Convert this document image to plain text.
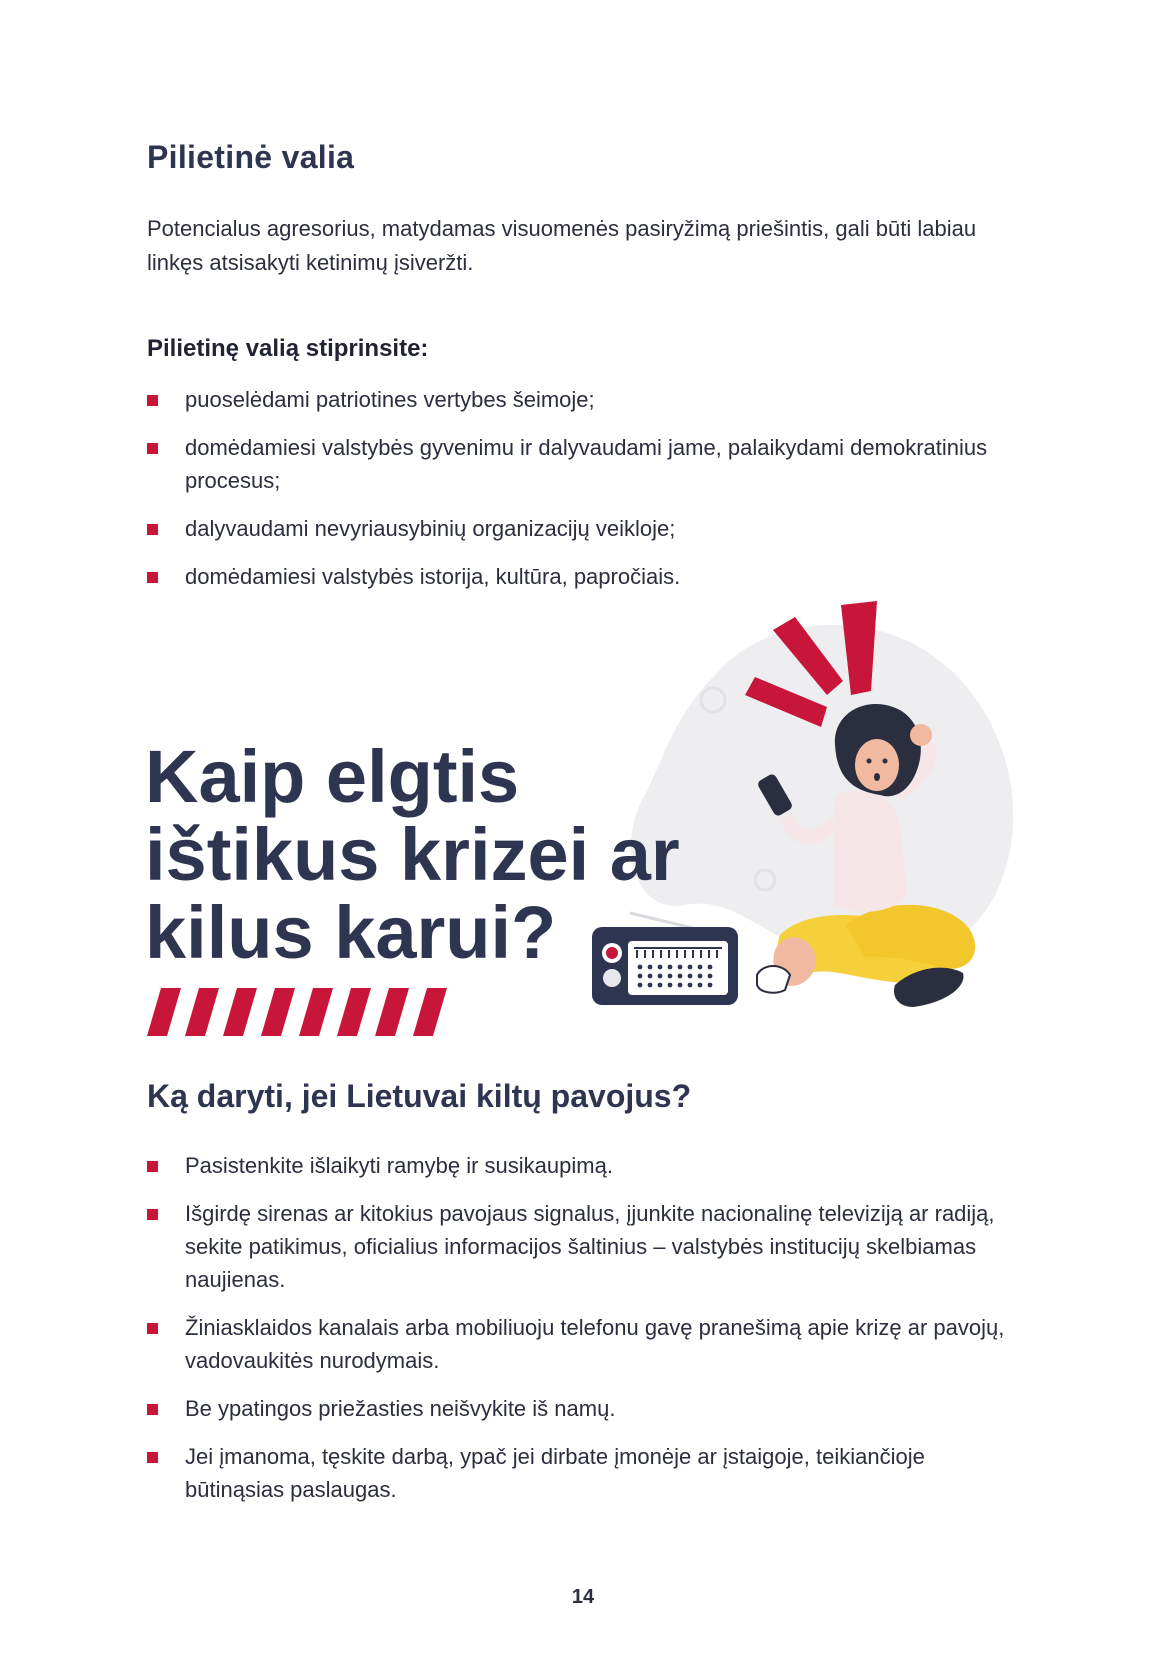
Pilietinė valia

Potencialus agresorius, matydamas visuomenės pasiryžimą priešintis, gali būti labiau linkęs atsisakyti ketinimų įsiveržti.

Pilietinę valią stiprinsite:

puoselėdami patriotines vertybes šeimoje;
domėdamiesi valstybės gyvenimu ir dalyvaudami jame, palaikydami demokratinius procesus;
dalyvaudami nevyriausybinių organizacijų veikloje;
domėdamiesi valstybės istorija, kultūra, papročiais.
Kaip elgtis
ištikus krizei ar
kilus karui?
Ką daryti, jei Lietuvai kiltų pavojus?
Pasistenkite išlaikyti ramybę ir susikaupimą.
Išgirdę sirenas ar kitokius pavojaus signalus, įjunkite nacionalinę televiziją ar radiją, sekite patikimus, oficialius informacijos šaltinius – valstybės institucijų skelbiamas naujienas.
Žiniasklaidos kanalais arba mobiliuoju telefonu gavę pranešimą apie krizę ar pavojų, vadovaukitės nurodymais.
Be ypatingos priežasties neišvykite iš namų.
Jei įmanoma, tęskite darbą, ypač jei dirbate įmonėje ar įstaigoje, teikiančioje būtinąsias paslaugas.
14
